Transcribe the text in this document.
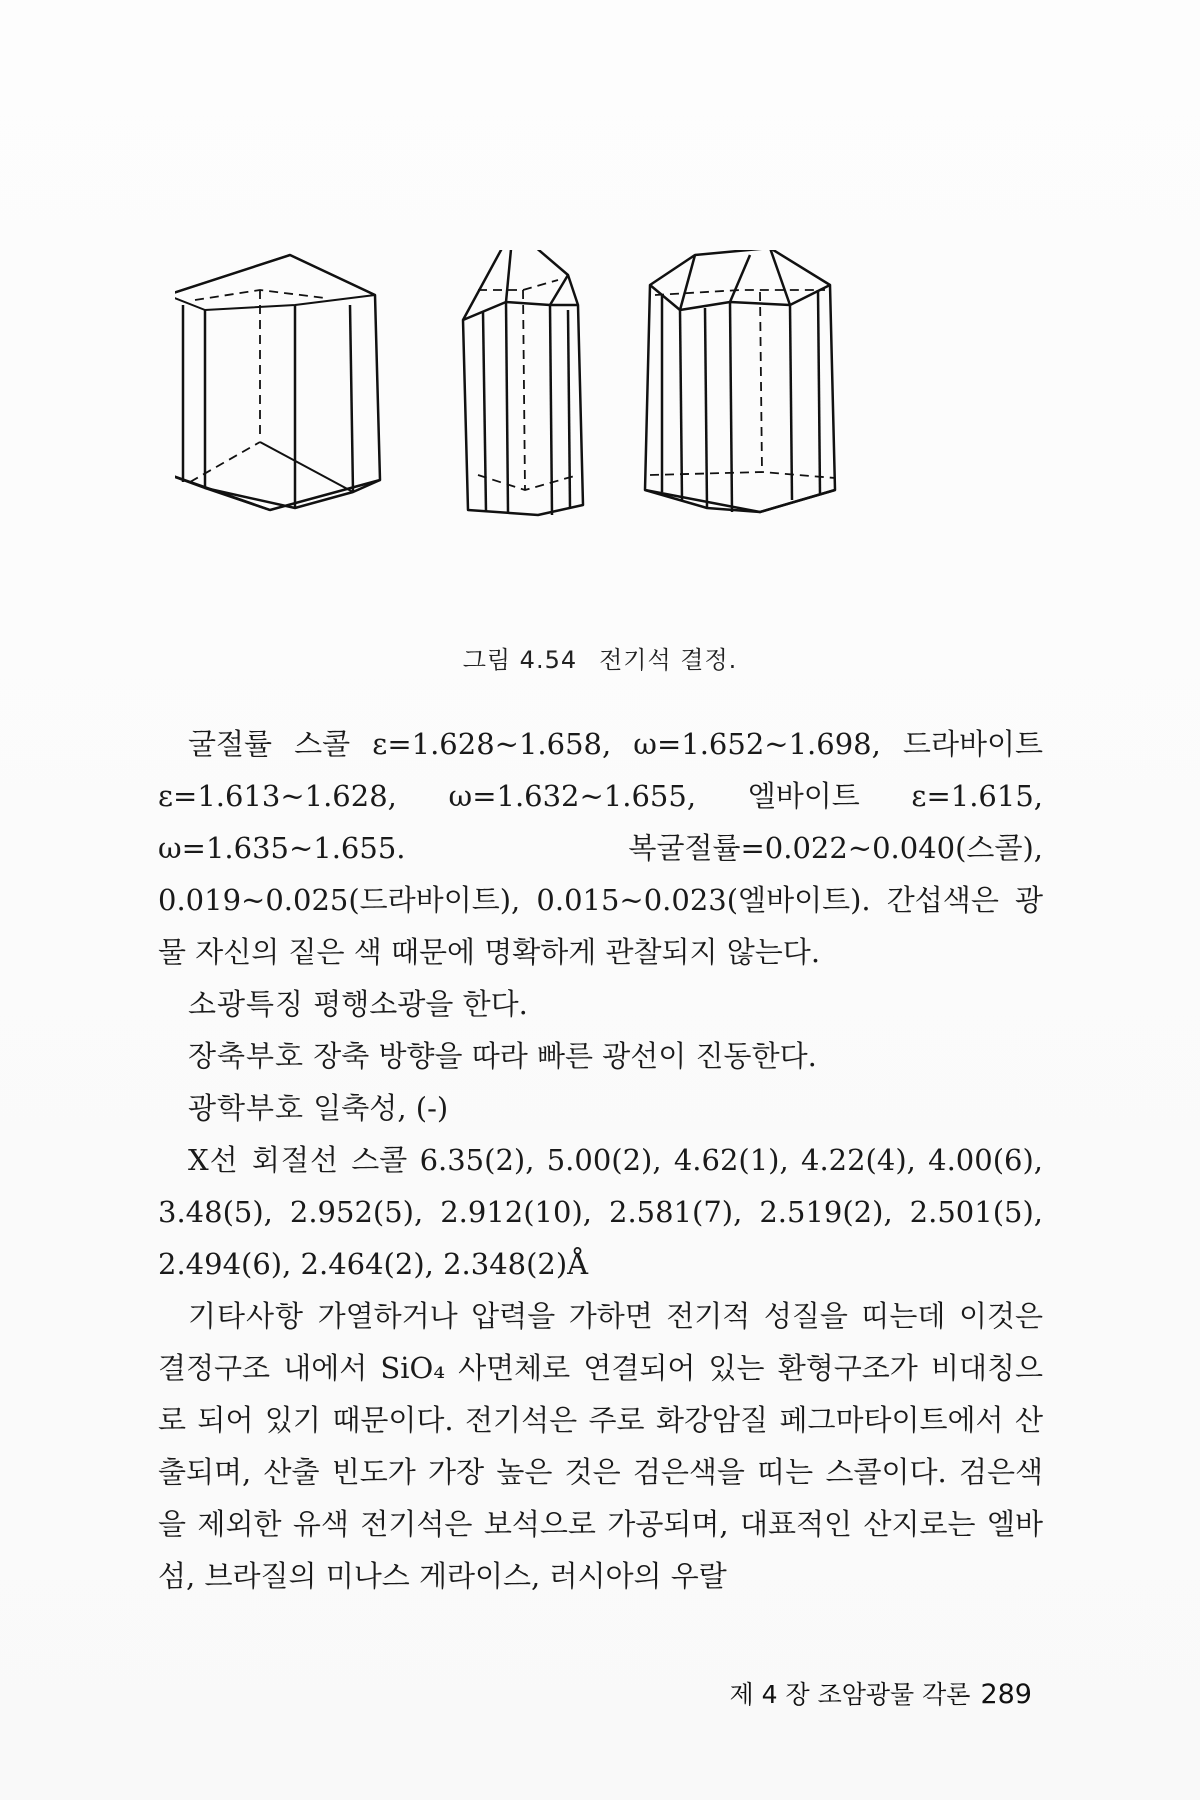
그림 4.54 전기석 결정.

굴절률 스콜 ε=1.628~1.658, ω=1.652~1.698, 드라바이트 ε=1.613~1.628, ω=1.632~1.655, 엘바이트 ε=1.615, ω=1.635~1.655. 복굴절률=0.022~0.040(스콜), 0.019~0.025(드라바이트), 0.015~0.023(엘바이트). 간섭색은 광물 자신의 짙은 색 때문에 명확하게 관찰되지 않는다.

소광특징 평행소광을 한다.

장축부호 장축 방향을 따라 빠른 광선이 진동한다.

광학부호 일축성, (-)

X선 회절선 스콜 6.35(2), 5.00(2), 4.62(1), 4.22(4), 4.00(6), 3.48(5), 2.952(5), 2.912(10), 2.581(7), 2.519(2), 2.501(5), 2.494(6), 2.464(2), 2.348(2)Å

기타사항 가열하거나 압력을 가하면 전기적 성질을 띠는데 이것은 결정구조 내에서 SiO₄ 사면체로 연결되어 있는 환형구조가 비대칭으로 되어 있기 때문이다. 전기석은 주로 화강암질 페그마타이트에서 산출되며, 산출 빈도가 가장 높은 것은 검은색을 띠는 스콜이다. 검은색을 제외한 유색 전기석은 보석으로 가공되며, 대표적인 산지로는 엘바섬, 브라질의 미나스 게라이스, 러시아의 우랄

제 4 장 조암광물 각론 289
